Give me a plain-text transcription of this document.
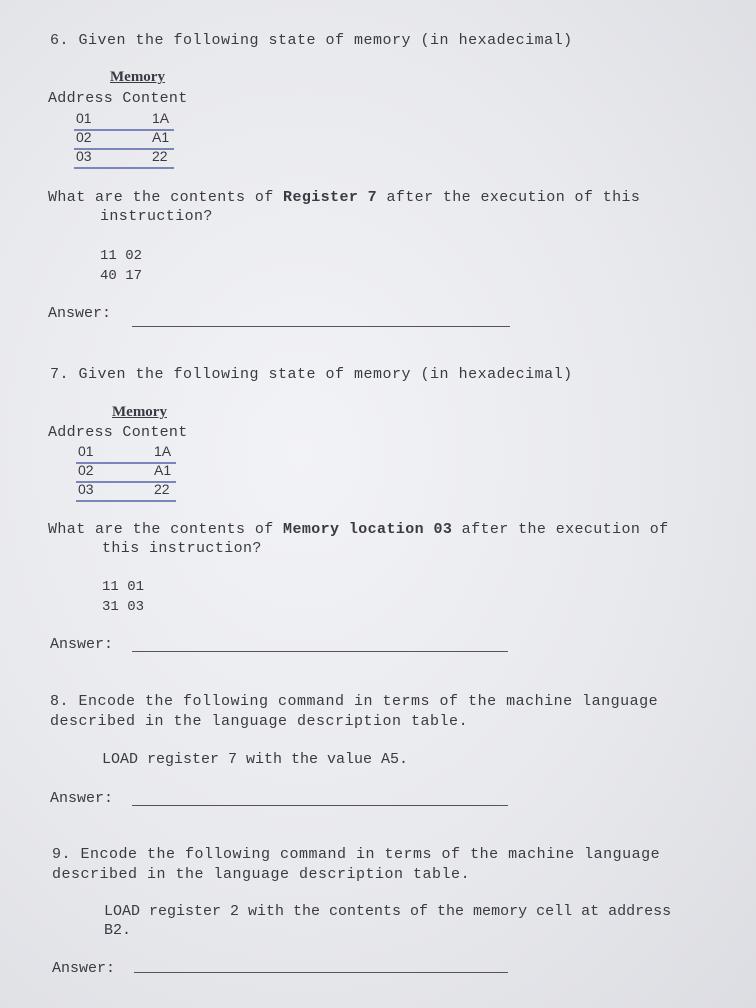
6. Given the following state of memory (in hexadecimal)
Memory
Address Content
01	1A
02	A1
03	22
What are the contents of Register 7 after the execution of this
instruction?
11 02
40 17
Answer:
7. Given the following state of memory (in hexadecimal)
Memory
Address Content
01	1A
02	A1
03	22
What are the contents of Memory location 03 after the execution of
this instruction?
11 01
31 03
Answer:
8. Encode the following command in terms of the machine language
described in the language description table.
LOAD register 7 with the value A5.
Answer:
9. Encode the following command in terms of the machine language
described in the language description table.
LOAD register 2 with the contents of the memory cell at address
B2.
Answer:
